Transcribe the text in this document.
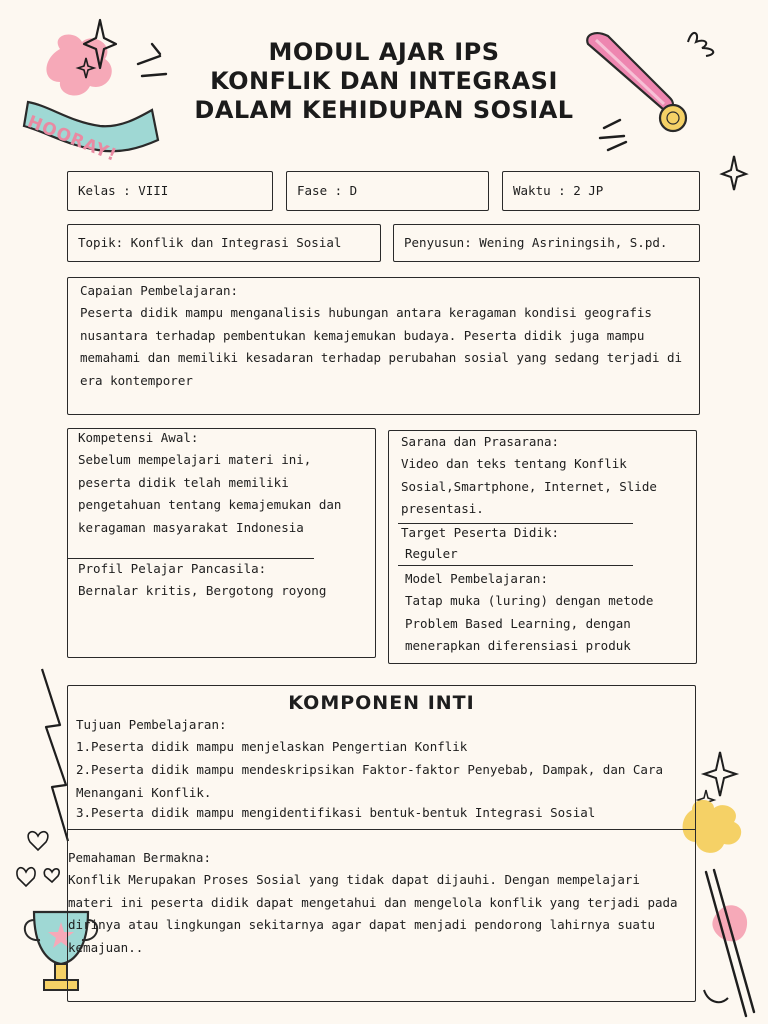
HOORAY!
MODUL AJAR IPS
KONFLIK DAN INTEGRASI
DALAM KEHIDUPAN SOSIAL
Kelas : VIII	Fase : D	Waktu : 2 JP
Topik: Konflik dan Integrasi Sosial	Penyusun: Wening Asriningsih, S.pd.
Capaian Pembelajaran:
Peserta didik mampu menganalisis hubungan antara keragaman kondisi geografis nusantara terhadap pembentukan kemajemukan budaya. Peserta didik juga mampu memahami dan memiliki kesadaran terhadap perubahan sosial yang sedang terjadi di era kontemporer
Kompetensi Awal:
Sebelum mempelajari materi ini, peserta didik telah memiliki pengetahuan tentang kemajemukan dan keragaman masyarakat Indonesia
Profil Pelajar Pancasila:
Bernalar kritis, Bergotong royong
Sarana dan Prasarana:
Video dan teks tentang Konflik Sosial,Smartphone, Internet, Slide presentasi.
Target Peserta Didik:
Reguler
Model Pembelajaran:
Tatap muka (luring) dengan metode Problem Based Learning, dengan menerapkan diferensiasi produk
KOMPONEN INTI
Tujuan Pembelajaran:
1.Peserta didik mampu menjelaskan Pengertian Konflik
2.Peserta didik mampu mendeskripsikan Faktor-faktor Penyebab, Dampak, dan Cara Menangani Konflik.
3.Peserta didik mampu mengidentifikasi bentuk-bentuk Integrasi Sosial
Pemahaman Bermakna:
Konflik Merupakan Proses Sosial yang tidak dapat dijauhi. Dengan mempelajari materi ini peserta didik dapat mengetahui dan mengelola konflik yang terjadi pada dirinya atau lingkungan sekitarnya agar dapat menjadi pendorong lahirnya suatu kemajuan..
